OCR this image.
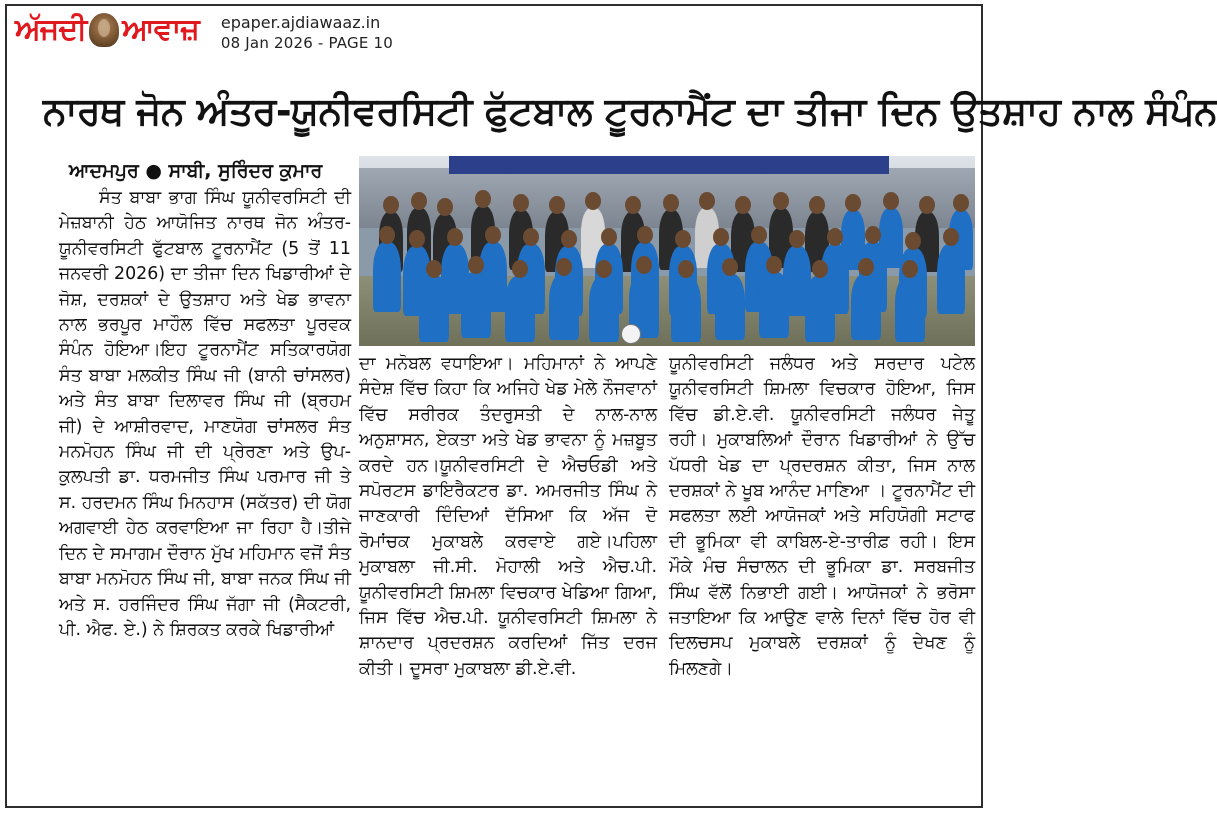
ਅੱਜਦੀ ਆਵਾਜ਼ epaper.ajdiawaaz.in
08 Jan 2026 - PAGE 10
ਨਾਰਥ ਜੋਨ ਅੰਤਰ-ਯੂਨੀਵਰਸਿਟੀ ਫੁੱਟਬਾਲ ਟੂਰਨਾਮੈਂਟ ਦਾ ਤੀਜਾ ਦਿਨ ਉਤਸ਼ਾਹ ਨਾਲ ਸੰਪੰਨ
ਆਦਮਪੁਰ ● ਸਾਬੀ, ਸੁਰਿੰਦਰ ਕੁਮਾਰ

ਸੰਤ ਬਾਬਾ ਭਾਗ ਸਿੰਘ ਯੂਨੀਵਰਸਿਟੀ ਦੀ ਮੇਜ਼ਬਾਨੀ ਹੇਠ ਆਯੋਜਿਤ ਨਾਰਥ ਜੋਨ ਅੰਤਰ-ਯੂਨੀਵਰਸਿਟੀ ਫੁੱਟਬਾਲ ਟੂਰਨਾਮੈਂਟ (5 ਤੋਂ 11 ਜਨਵਰੀ 2026) ਦਾ ਤੀਜਾ ਦਿਨ ਖਿਡਾਰੀਆਂ ਦੇ ਜੋਸ਼, ਦਰਸ਼ਕਾਂ ਦੇ ਉਤਸ਼ਾਹ ਅਤੇ ਖੇਡ ਭਾਵਨਾ ਨਾਲ ਭਰਪੂਰ ਮਾਹੌਲ ਵਿੱਚ ਸਫਲਤਾ ਪੂਰਵਕ ਸੰਪੰਨ ਹੋਇਆ।ਇਹ ਟੂਰਨਾਮੈਂਟ ਸਤਿਕਾਰਯੋਗ ਸੰਤ ਬਾਬਾ ਮਲਕੀਤ ਸਿੰਘ ਜੀ (ਬਾਨੀ ਚਾਂਸਲਰ) ਅਤੇ ਸੰਤ ਬਾਬਾ ਦਿਲਾਵਰ ਸਿੰਘ ਜੀ (ਬ੍ਰਹਮ ਜੀ) ਦੇ ਆਸ਼ੀਰਵਾਦ, ਮਾਣਯੋਗ ਚਾਂਸਲਰ ਸੰਤ ਮਨਮੋਹਨ ਸਿੰਘ ਜੀ ਦੀ ਪ੍ਰੇਰਣਾ ਅਤੇ ਉਪ-ਕੁਲਪਤੀ ਡਾ. ਧਰਮਜੀਤ ਸਿੰਘ ਪਰਮਾਰ ਜੀ ਤੇ ਸ. ਹਰਦਮਨ ਸਿੰਘ ਮਿਨਹਾਸ (ਸਕੱਤਰ) ਦੀ ਯੋਗ ਅਗਵਾਈ ਹੇਠ ਕਰਵਾਇਆ ਜਾ ਰਿਹਾ ਹੈ।ਤੀਜੇ ਦਿਨ ਦੇ ਸਮਾਗਮ ਦੌਰਾਨ ਮੁੱਖ ਮਹਿਮਾਨ ਵਜੋਂ ਸੰਤ ਬਾਬਾ ਮਨਮੋਹਨ ਸਿੰਘ ਜੀ, ਬਾਬਾ ਜਨਕ ਸਿੰਘ ਜੀ ਅਤੇ ਸ. ਹਰਜਿੰਦਰ ਸਿੰਘ ਜੱਗਾ ਜੀ (ਸੈਕਟਰੀ, ਪੀ. ਐਫ. ਏ.) ਨੇ ਸ਼ਿਰਕਤ ਕਰਕੇ ਖਿਡਾਰੀਆਂ

ਦਾ ਮਨੋਬਲ ਵਧਾਇਆ। ਮਹਿਮਾਨਾਂ ਨੇ ਆਪਣੇ ਸੰਦੇਸ਼ ਵਿੱਚ ਕਿਹਾ ਕਿ ਅਜਿਹੇ ਖੇਡ ਮੇਲੇ ਨੌਜਵਾਨਾਂ ਵਿੱਚ ਸਰੀਰਕ ਤੰਦਰੁਸਤੀ ਦੇ ਨਾਲ-ਨਾਲ ਅਨੁਸ਼ਾਸਨ, ਏਕਤਾ ਅਤੇ ਖੇਡ ਭਾਵਨਾ ਨੂੰ ਮਜ਼ਬੂਤ ਕਰਦੇ ਹਨ।ਯੂਨੀਵਰਸਿਟੀ ਦੇ ਐਚਓਡੀ ਅਤੇ ਸਪੋਰਟਸ ਡਾਇਰੈਕਟਰ ਡਾ. ਅਮਰਜੀਤ ਸਿੰਘ ਨੇ ਜਾਣਕਾਰੀ ਦਿੰਦਿਆਂ ਦੱਸਿਆ ਕਿ ਅੱਜ ਦੋ ਰੋਮਾਂਚਕ ਮੁਕਾਬਲੇ ਕਰਵਾਏ ਗਏ।ਪਹਿਲਾ ਮੁਕਾਬਲਾ ਜੀ.ਸੀ. ਮੋਹਾਲੀ ਅਤੇ ਐਚ.ਪੀ. ਯੂਨੀਵਰਸਿਟੀ ਸ਼ਿਮਲਾ ਵਿਚਕਾਰ ਖੇਡਿਆ ਗਿਆ, ਜਿਸ ਵਿੱਚ ਐਚ.ਪੀ. ਯੂਨੀਵਰਸਿਟੀ ਸ਼ਿਮਲਾ ਨੇ ਸ਼ਾਨਦਾਰ ਪ੍ਰਦਰਸ਼ਨ ਕਰਦਿਆਂ ਜਿੱਤ ਦਰਜ ਕੀਤੀ। ਦੂਸਰਾ ਮੁਕਾਬਲਾ ਡੀ.ਏ.ਵੀ.

ਯੂਨੀਵਰਸਿਟੀ ਜਲੰਧਰ ਅਤੇ ਸਰਦਾਰ ਪਟੇਲ ਯੂਨੀਵਰਸਿਟੀ ਸ਼ਿਮਲਾ ਵਿਚਕਾਰ ਹੋਇਆ, ਜਿਸ ਵਿੱਚ ਡੀ.ਏ.ਵੀ. ਯੂਨੀਵਰਸਿਟੀ ਜਲੰਧਰ ਜੇਤੂ ਰਹੀ। ਮੁਕਾਬਲਿਆਂ ਦੌਰਾਨ ਖਿਡਾਰੀਆਂ ਨੇ ਉੱਚ ਪੱਧਰੀ ਖੇਡ ਦਾ ਪ੍ਰਦਰਸ਼ਨ ਕੀਤਾ, ਜਿਸ ਨਾਲ ਦਰਸ਼ਕਾਂ ਨੇ ਖੂਬ ਆਨੰਦ ਮਾਣਿਆ । ਟੂਰਨਾਮੈਂਟ ਦੀ ਸਫਲਤਾ ਲਈ ਆਯੋਜਕਾਂ ਅਤੇ ਸਹਿਯੋਗੀ ਸਟਾਫ ਦੀ ਭੂਮਿਕਾ ਵੀ ਕਾਬਿਲ-ਏ-ਤਾਰੀਫ਼ ਰਹੀ। ਇਸ ਮੌਕੇ ਮੰਚ ਸੰਚਾਲਨ ਦੀ ਭੂਮਿਕਾ ਡਾ. ਸਰਬਜੀਤ ਸਿੰਘ ਵੱਲੋਂ ਨਿਭਾਈ ਗਈ। ਆਯੋਜਕਾਂ ਨੇ ਭਰੋਸਾ ਜਤਾਇਆ ਕਿ ਆਉਣ ਵਾਲੇ ਦਿਨਾਂ ਵਿੱਚ ਹੋਰ ਵੀ ਦਿਲਚਸਪ ਮੁਕਾਬਲੇ ਦਰਸ਼ਕਾਂ ਨੂੰ ਦੇਖਣ ਨੂੰ ਮਿਲਣਗੇ।
